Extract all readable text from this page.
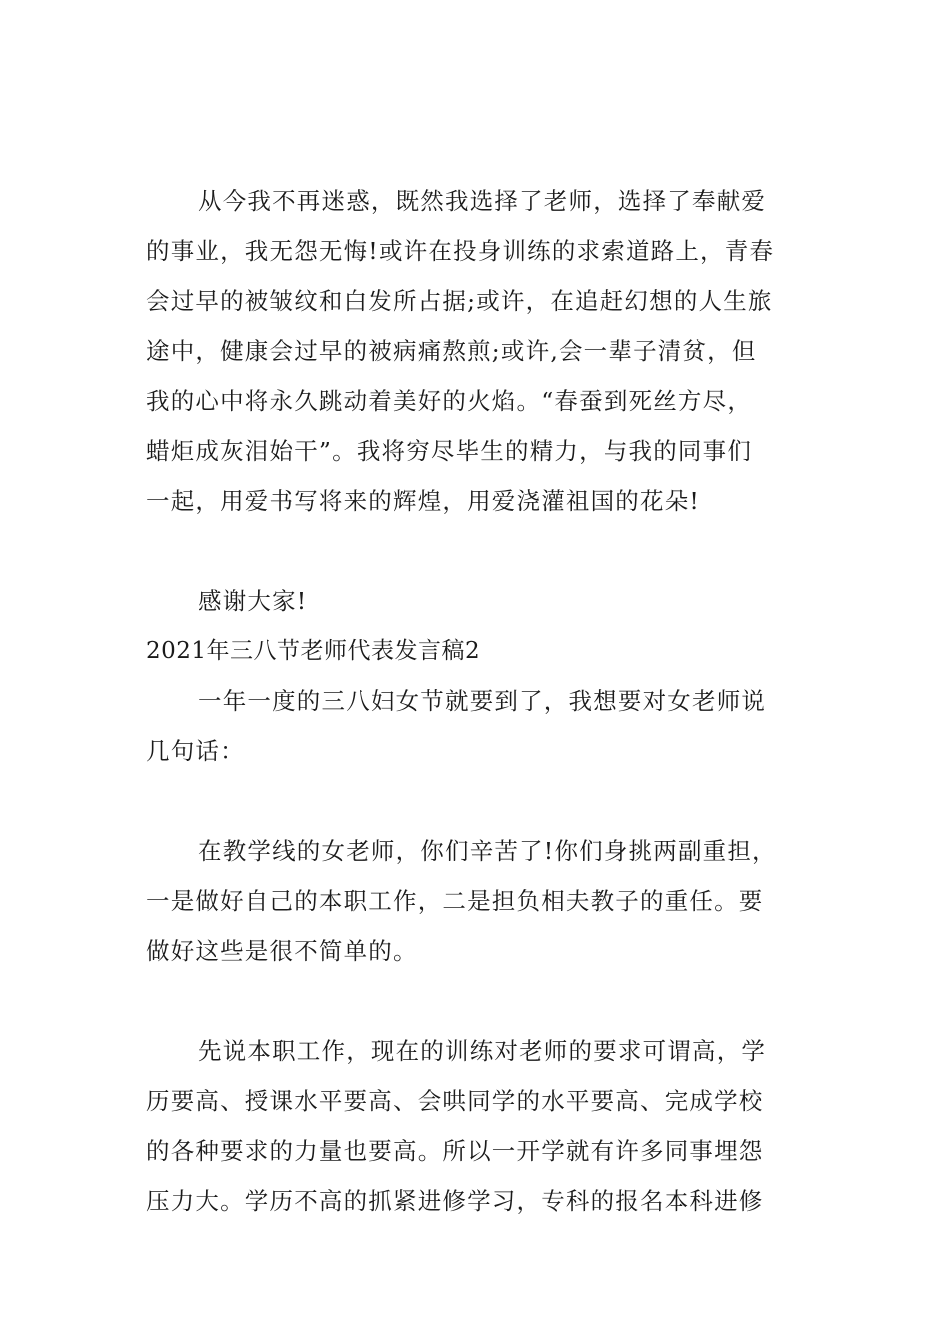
从今我不再迷惑，既然我选择了老师，选择了奉献爱
的事业，我无怨无悔!或许在投身训练的求索道路上，青春
会过早的被皱纹和白发所占据;或许，在追赶幻想的人生旅
途中，健康会过早的被病痛熬煎;或许,会一辈子清贫，但
我的心中将永久跳动着美好的火焰。“春蚕到死丝方尽，
蜡炬成灰泪始干”。我将穷尽毕生的精力，与我的同事们
一起，用爱书写将来的辉煌，用爱浇灌祖国的花朵!
感谢大家!
2021年三八节老师代表发言稿2
一年一度的三八妇女节就要到了，我想要对女老师说
几句话：
在教学线的女老师，你们辛苦了!你们身挑两副重担，
一是做好自己的本职工作，二是担负相夫教子的重任。要
做好这些是很不简单的。
先说本职工作，现在的训练对老师的要求可谓高，学
历要高、授课水平要高、会哄同学的水平要高、完成学校
的各种要求的力量也要高。所以一开学就有许多同事埋怨
压力大。学历不高的抓紧进修学习，专科的报名本科进修
